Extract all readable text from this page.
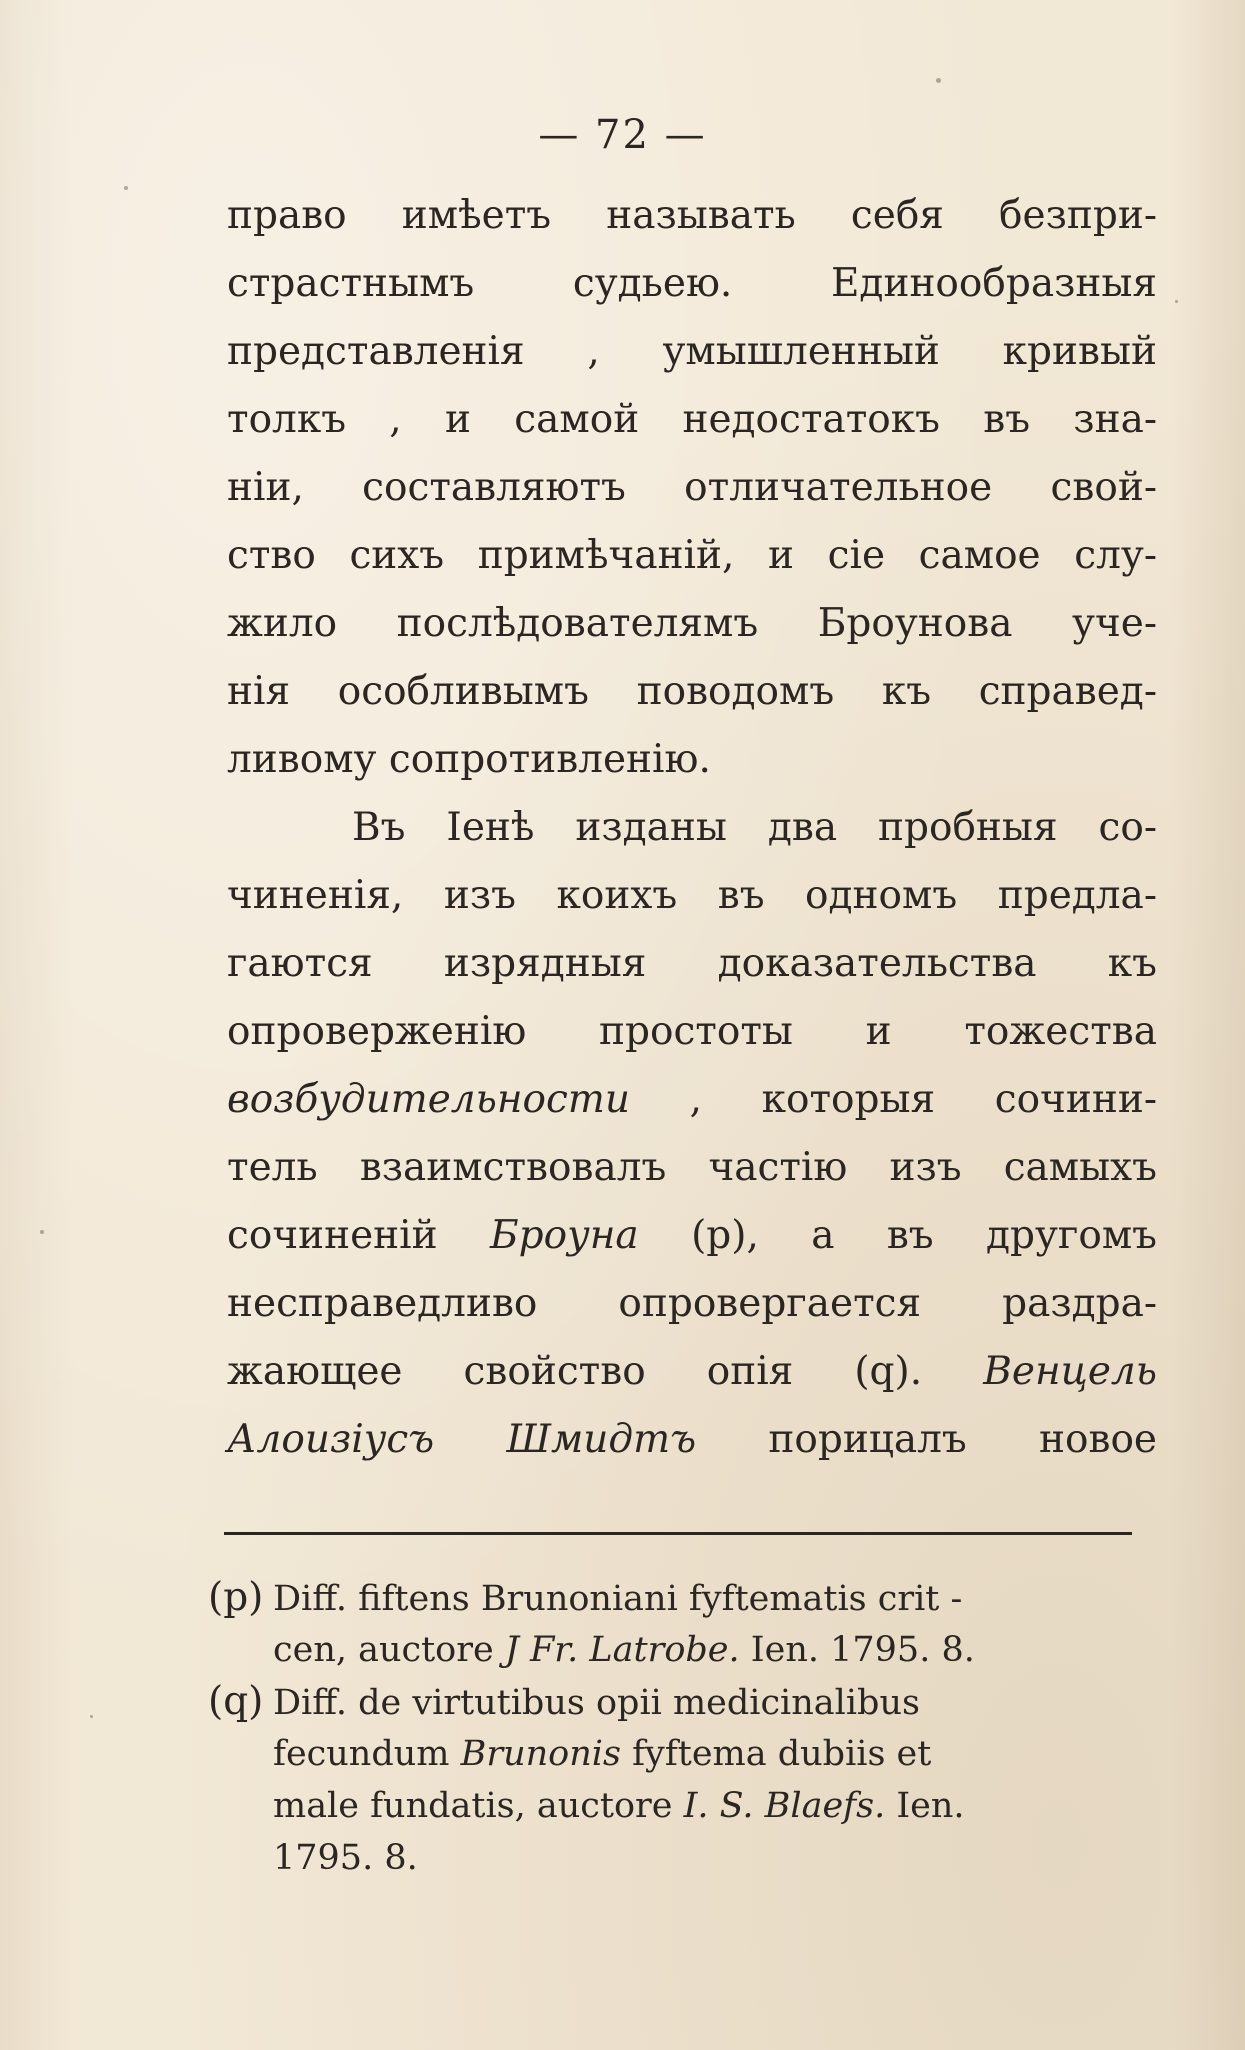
— 72 —
право имѣетъ называть себя безпри-
страстнымъ судьею. Единообразныя
представленія , умышленный кривый
толкъ , и самой недостатокъ въ зна-
ніи, составляютъ отличательное свой-
ство сихъ примѣчаній, и сіе самое слу-
жило послѣдователямъ Броунова уче-
нія особливымъ поводомъ къ справед-
ливому сопротивленію.
Въ Іенѣ изданы два пробныя со-
чиненія, изъ коихъ въ одномъ предла-
гаются изрядныя доказательства къ
опроверженію простоты и тожества
возбудительности , которыя сочини-
тель взаимствовалъ частію изъ самыхъ
сочиненій Броуна (р), а въ другомъ
несправедливо опровергается раздра-
жающее свойство опія (q). Венцель
Алоизіусъ Шмидтъ порицалъ новое
(р) Diff. fiftens Brunoniani fyftematis crit -
cen, auctore J Fr. Latrobe. Ien. 1795. 8.
(q) Diff. de virtutibus opii medicinalibus
fecundum Brunonis fyftema dubiis et
male fundatis, auctore I. S. Blaefs. Ien.
1795. 8.
